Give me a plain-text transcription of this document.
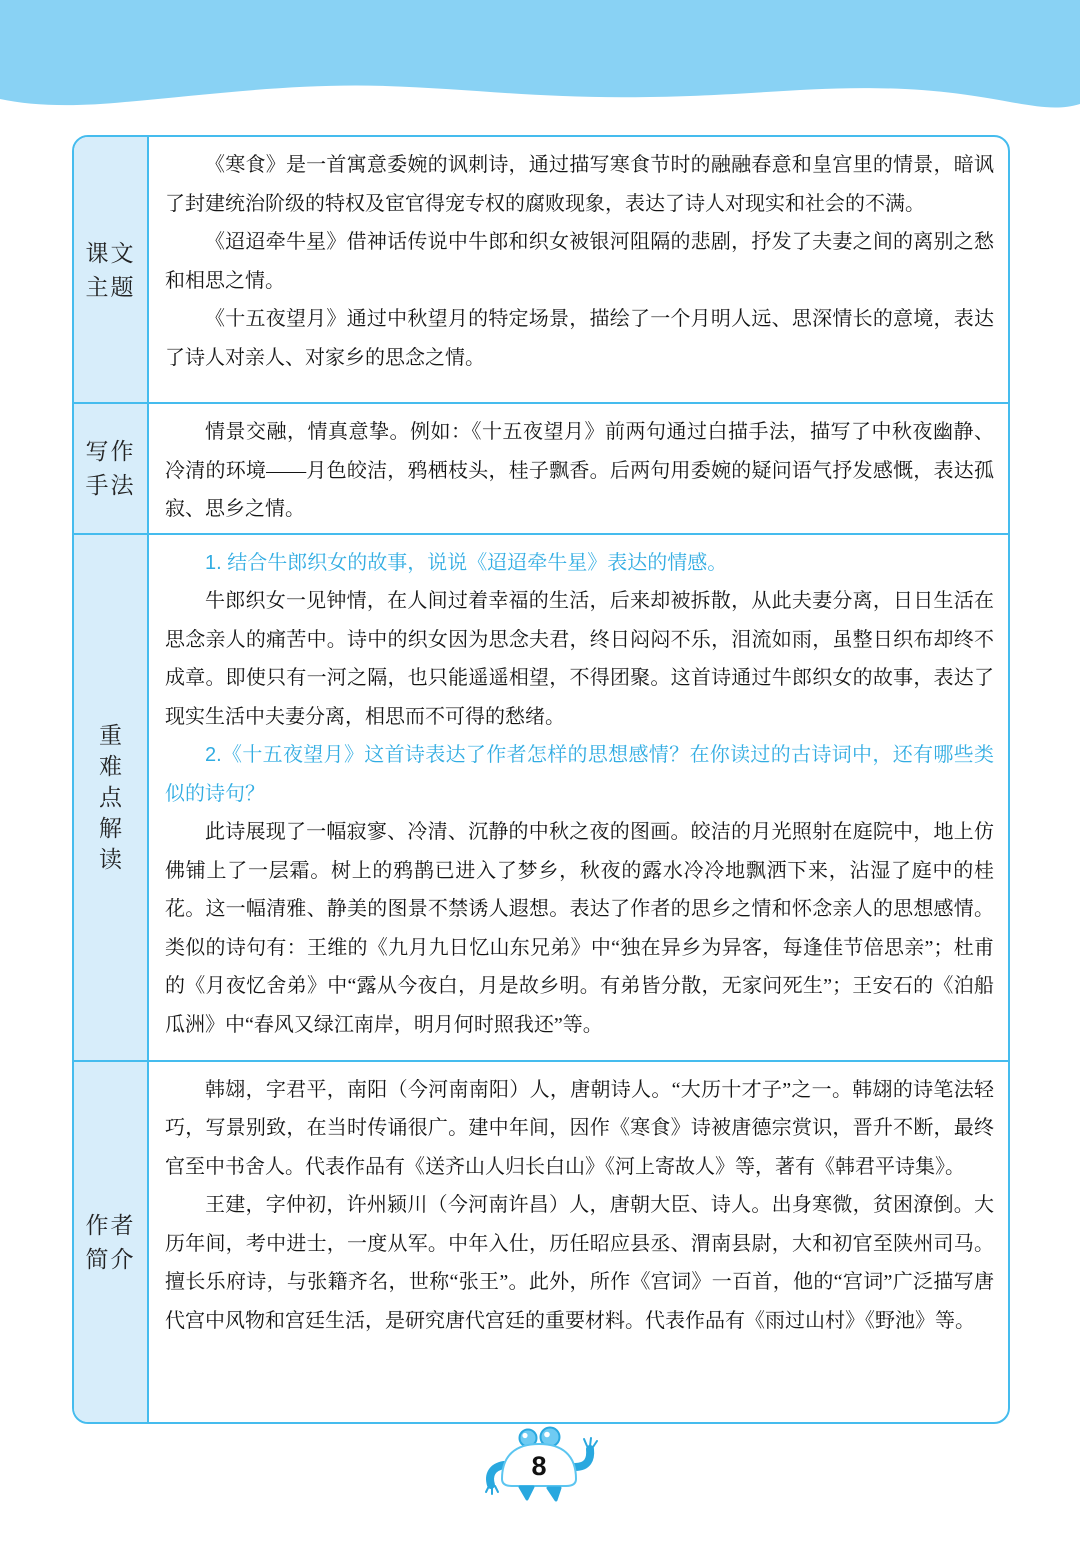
课文
主题

《寒食》是一首寓意委婉的讽刺诗，通过描写寒食节时的融融春意和皇宫里的情景，暗讽了封建统治阶级的特权及宦官得宠专权的腐败现象，表达了诗人对现实和社会的不满。

《迢迢牵牛星》借神话传说中牛郎和织女被银河阻隔的悲剧，抒发了夫妻之间的离别之愁和相思之情。

《十五夜望月》通过中秋望月的特定场景，描绘了一个月明人远、思深情长的意境，表达了诗人对亲人、对家乡的思念之情。

写作
手法

情景交融，情真意挚。例如：《十五夜望月》前两句通过白描手法，描写了中秋夜幽静、冷清的环境——月色皎洁，鸦栖枝头，桂子飘香。后两句用委婉的疑问语气抒发感慨，表达孤寂、思乡之情。

重
难
点
解
读

1. 结合牛郎织女的故事，说说《迢迢牵牛星》表达的情感。

牛郎织女一见钟情，在人间过着幸福的生活，后来却被拆散，从此夫妻分离，日日生活在思念亲人的痛苦中。诗中的织女因为思念夫君，终日闷闷不乐，泪流如雨，虽整日织布却终不成章。即使只有一河之隔，也只能遥遥相望，不得团聚。这首诗通过牛郎织女的故事，表达了现实生活中夫妻分离，相思而不可得的愁绪。

2.《十五夜望月》这首诗表达了作者怎样的思想感情？在你读过的古诗词中，还有哪些类似的诗句？

此诗展现了一幅寂寥、冷清、沉静的中秋之夜的图画。皎洁的月光照射在庭院中，地上仿佛铺上了一层霜。树上的鸦鹊已进入了梦乡，秋夜的露水冷冷地飘洒下来，沾湿了庭中的桂花。这一幅清雅、静美的图景不禁诱人遐想。表达了作者的思乡之情和怀念亲人的思想感情。类似的诗句有：王维的《九月九日忆山东兄弟》中“独在异乡为异客，每逢佳节倍思亲”；杜甫的《月夜忆舍弟》中“露从今夜白，月是故乡明。有弟皆分散，无家问死生”；王安石的《泊船瓜洲》中“春风又绿江南岸，明月何时照我还”等。

作者
简介

韩翃，字君平，南阳（今河南南阳）人，唐朝诗人。“大历十才子”之一。韩翃的诗笔法轻巧，写景别致，在当时传诵很广。建中年间，因作《寒食》诗被唐德宗赏识，晋升不断，最终官至中书舍人。代表作品有《送齐山人归长白山》《河上寄故人》等，著有《韩君平诗集》。

王建，字仲初，许州颍川（今河南许昌）人，唐朝大臣、诗人。出身寒微，贫困潦倒。大历年间，考中进士，一度从军。中年入仕，历任昭应县丞、渭南县尉，大和初官至陕州司马。擅长乐府诗，与张籍齐名，世称“张王”。此外，所作《宫词》一百首，他的“宫词”广泛描写唐代宫中风物和宫廷生活，是研究唐代宫廷的重要材料。代表作品有《雨过山村》《野池》等。

8
